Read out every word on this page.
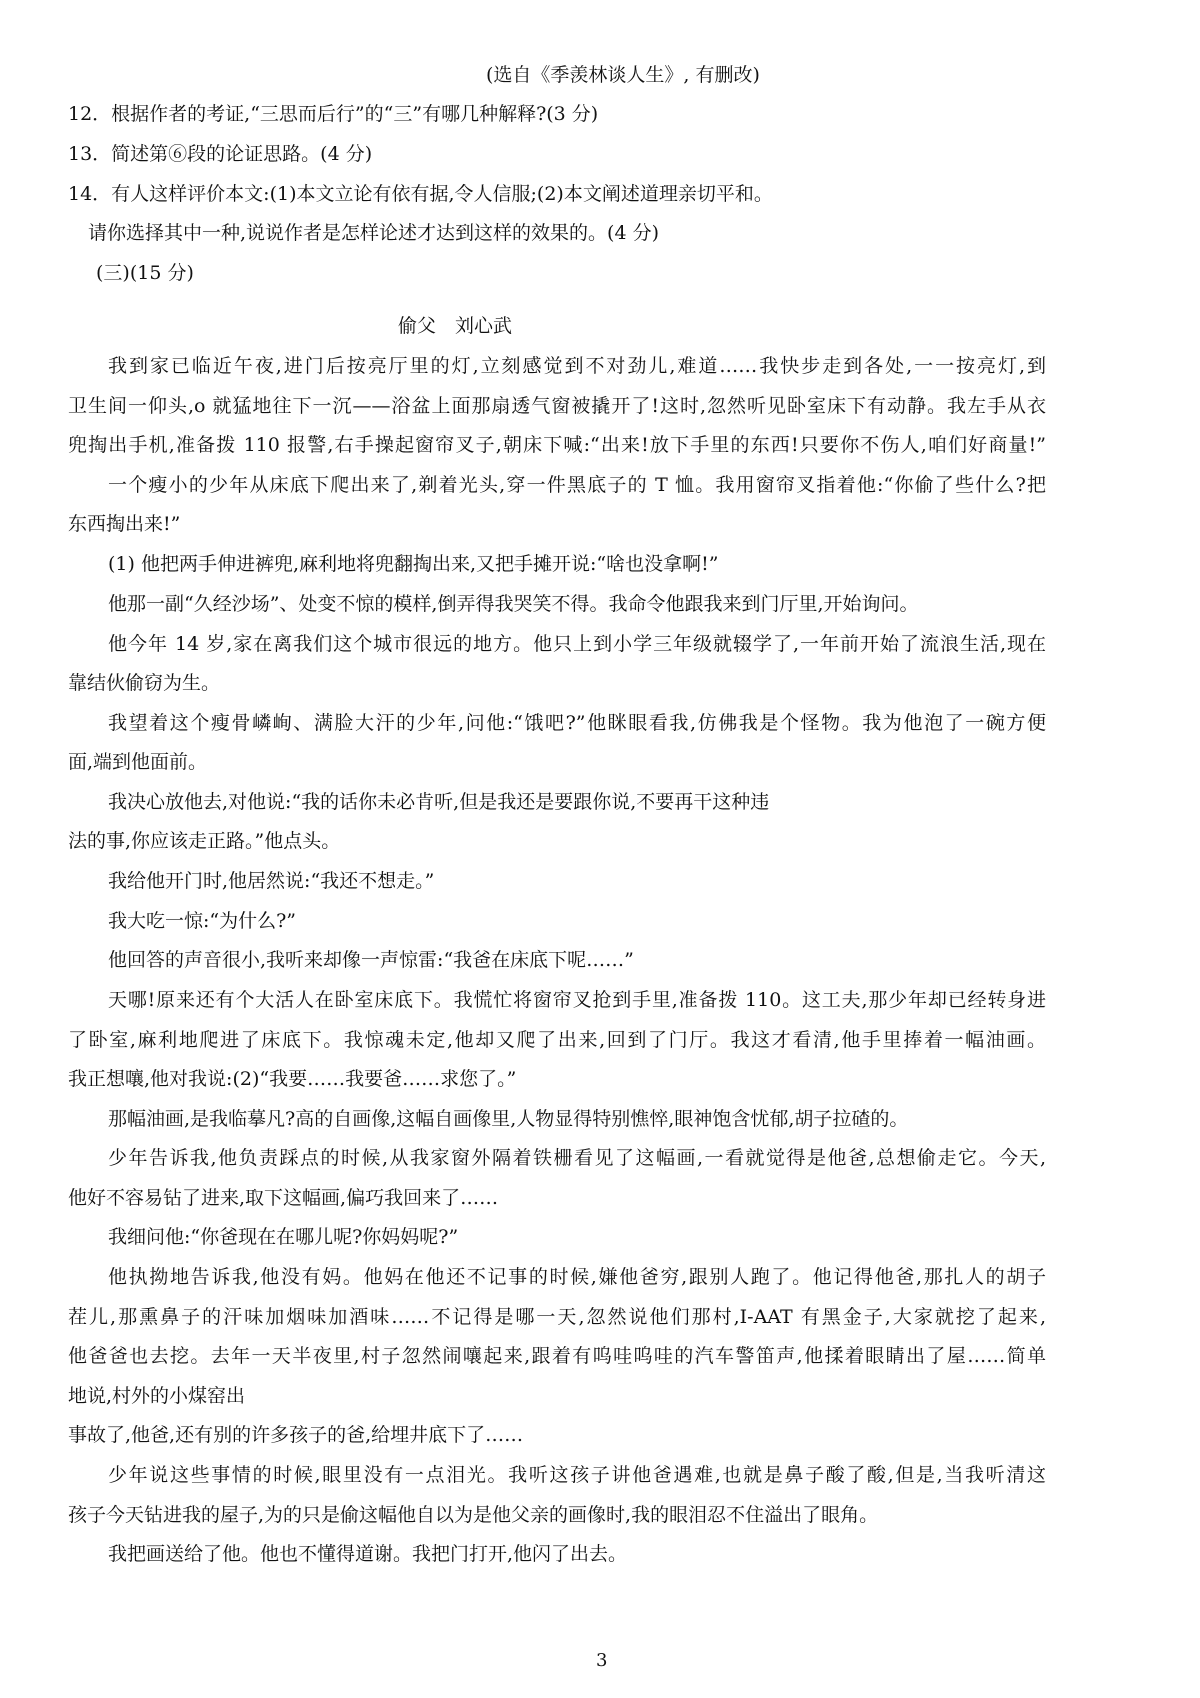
(选自《季羡林谈人生》, 有删改)
12．根据作者的考证,“三思而后行”的“三”有哪几种解释?(3 分)
13．简述第⑥段的论证思路。(4 分)
14．有人这样评价本文:(1)本文立论有依有据,令人信服;(2)本文阐述道理亲切平和。
请你选择其中一种,说说作者是怎样论述才达到这样的效果的。(4 分)
(三)(15 分)
偷父　刘心武
我到家已临近午夜,进门后按亮厅里的灯,立刻感觉到不对劲儿,难道……我快步走到各处,一一按亮灯,到
卫生间一仰头,o 就猛地往下一沉——浴盆上面那扇透气窗被撬开了!这时,忽然听见卧室床下有动静。我左手从衣
兜掏出手机,准备拨 110 报警,右手操起窗帘叉子,朝床下喊:“出来!放下手里的东西!只要你不伤人,咱们好商量!”
一个瘦小的少年从床底下爬出来了,剃着光头,穿一件黑底子的 T 恤。我用窗帘叉指着他:“你偷了些什么?把
东西掏出来!”
(1) 他把两手伸进裤兜,麻利地将兜翻掏出来,又把手摊开说:“啥也没拿啊!”
他那一副“久经沙场”、处变不惊的模样,倒弄得我哭笑不得。我命令他跟我来到门厅里,开始询问。
他今年 14 岁,家在离我们这个城市很远的地方。他只上到小学三年级就辍学了,一年前开始了流浪生活,现在
靠结伙偷窃为生。
我望着这个瘦骨嶙峋、满脸大汗的少年,问他:“饿吧?”他眯眼看我,仿佛我是个怪物。我为他泡了一碗方便
面,端到他面前。
我决心放他去,对他说:“我的话你未必肯听,但是我还是要跟你说,不要再干这种违
法的事,你应该走正路。”他点头。
我给他开门时,他居然说:“我还不想走。”
我大吃一惊:“为什么?”
他回答的声音很小,我听来却像一声惊雷:“我爸在床底下呢……”
天哪!原来还有个大活人在卧室床底下。我慌忙将窗帘叉抢到手里,准备拨 110。这工夫,那少年却已经转身进
了卧室,麻利地爬进了床底下。我惊魂未定,他却又爬了出来,回到了门厅。我这才看清,他手里捧着一幅油画。
我正想嚷,他对我说:(2)“我要……我要爸……求您了。”
那幅油画,是我临摹凡?高的自画像,这幅自画像里,人物显得特别憔悴,眼神饱含忧郁,胡子拉碴的。
少年告诉我,他负责踩点的时候,从我家窗外隔着铁栅看见了这幅画,一看就觉得是他爸,总想偷走它。今天,
他好不容易钻了进来,取下这幅画,偏巧我回来了……
我细问他:“你爸现在在哪儿呢?你妈妈呢?”
他执拗地告诉我,他没有妈。他妈在他还不记事的时候,嫌他爸穷,跟别人跑了。他记得他爸,那扎人的胡子
茬儿,那熏鼻子的汗味加烟味加酒味……不记得是哪一天,忽然说他们那村,I-AAT 有黑金子,大家就挖了起来,
他爸爸也去挖。去年一天半夜里,村子忽然闹嚷起来,跟着有呜哇呜哇的汽车警笛声,他揉着眼睛出了屋……简单
地说,村外的小煤窑出
事故了,他爸,还有别的许多孩子的爸,给埋井底下了……
少年说这些事情的时候,眼里没有一点泪光。我听这孩子讲他爸遇难,也就是鼻子酸了酸,但是,当我听清这
孩子今天钻进我的屋子,为的只是偷这幅他自以为是他父亲的画像时,我的眼泪忍不住溢出了眼角。
我把画送给了他。他也不懂得道谢。我把门打开,他闪了出去。
3
